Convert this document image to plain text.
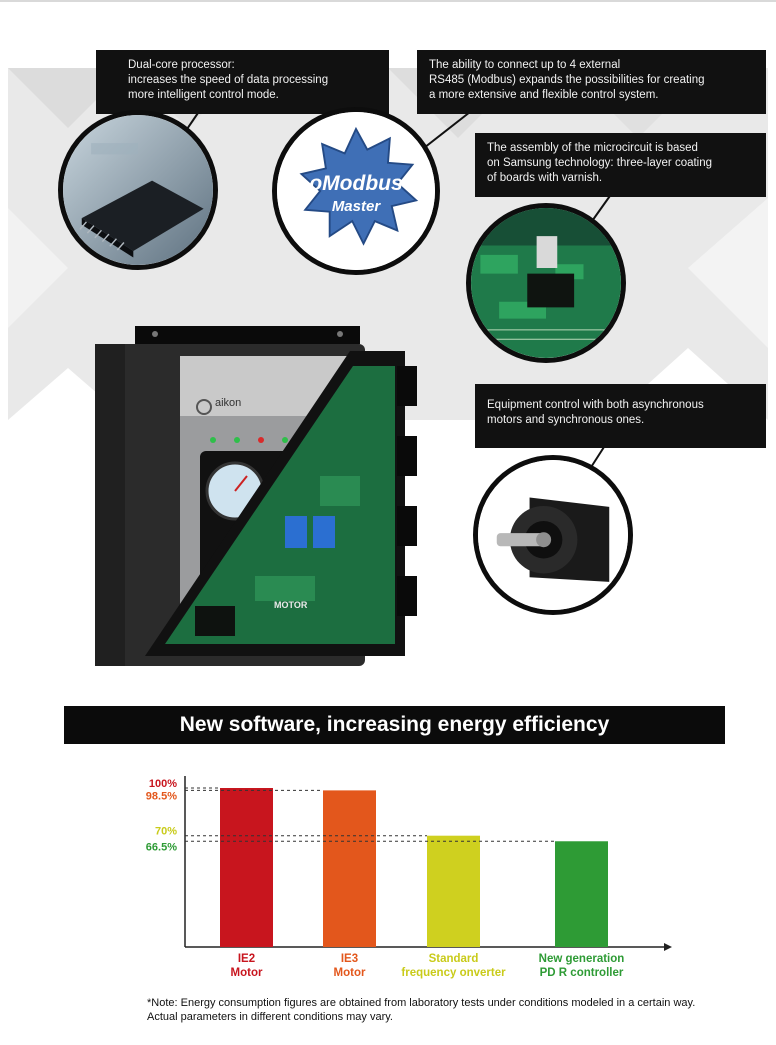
Dual-core processor:
increases the speed of data processing
more intelligent control mode.
The ability to connect up to 4 external
RS485 (Modbus) expands the possibilities for creating
a more extensive and flexible control system.
The assembly of the microcircuit is based
on Samsung technology: three-layer coating
of boards with varnish.
Equipment control with both asynchronous
motors and synchronous ones.
oModbus
Master
aikon
MOTOR
New software, increasing energy efficiency
100%
IE2
Motor
98.5%
IE3
Motor
70%
Standard
frequency onverter
66.5%
New generation
PD R controller
*Note: Energy consumption figures are obtained from laboratory tests under conditions modeled in a certain way. Actual parameters in different conditions may vary.
